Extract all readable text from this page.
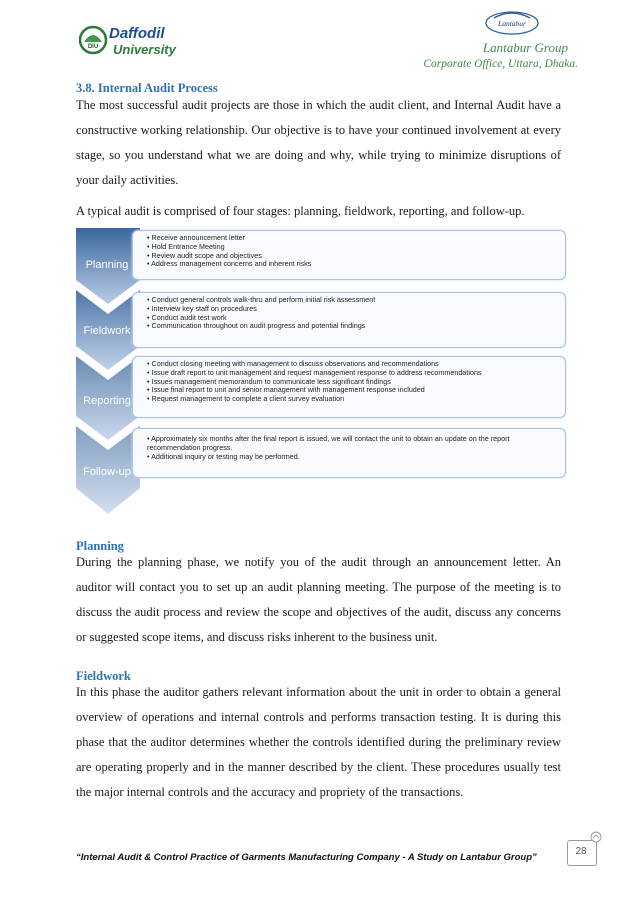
DIU
Daffodil
University
Lantabur
Lantabur Group
Corporate Office, Uttara, Dhaka.
3.8. Internal Audit Process
The most successful audit projects are those in which the audit client, and Internal Audit have a constructive working relationship. Our objective is to have your continued involvement at every stage, so you understand what we are doing and why, while trying to minimize disruptions of your daily activities.
A typical audit is comprised of four stages: planning, fieldwork, reporting, and follow-up.
Planning
Fieldwork
Reporting
Follow-up
• Receive announcement letter
• Hold Entrance Meeting
• Review audit scope and objectives
• Address management concerns and inherent risks
• Conduct general controls walk-thru and perform initial risk assessment
• Interview key staff on procedures
• Conduct audit test work
• Communication throughout on audit progress and potential findings
• Conduct closing meeting with management to discuss observations and recommendations
• Issue draft report to unit management and request management response to address recommendations
• Issues management memorandum to communicate less significant findings
• Issue final report to unit and senior management with management response included
• Request management to complete a client survey evaluation
• Approximately six months after the final report is issued, we will contact the unit to obtain an update on the report recommendation progress.
• Additional inquiry or testing may be performed.
Planning
During the planning phase, we notify you of the audit through an announcement letter. An auditor will contact you to set up an audit planning meeting. The purpose of the meeting is to discuss the audit process and review the scope and objectives of the audit, discuss any concerns or suggested scope items, and discuss risks inherent to the business unit.
Fieldwork
In this phase the auditor gathers relevant information about the unit in order to obtain a general overview of operations and internal controls and performs transaction testing. It is during this phase that the auditor determines whether the controls identified during the preliminary review are operating properly and in the manner described by the client. These procedures usually test the major internal controls and the accuracy and propriety of the transactions.
“Internal Audit & Control Practice of Garments Manufacturing Company - A Study on Lantabur Group”
28
